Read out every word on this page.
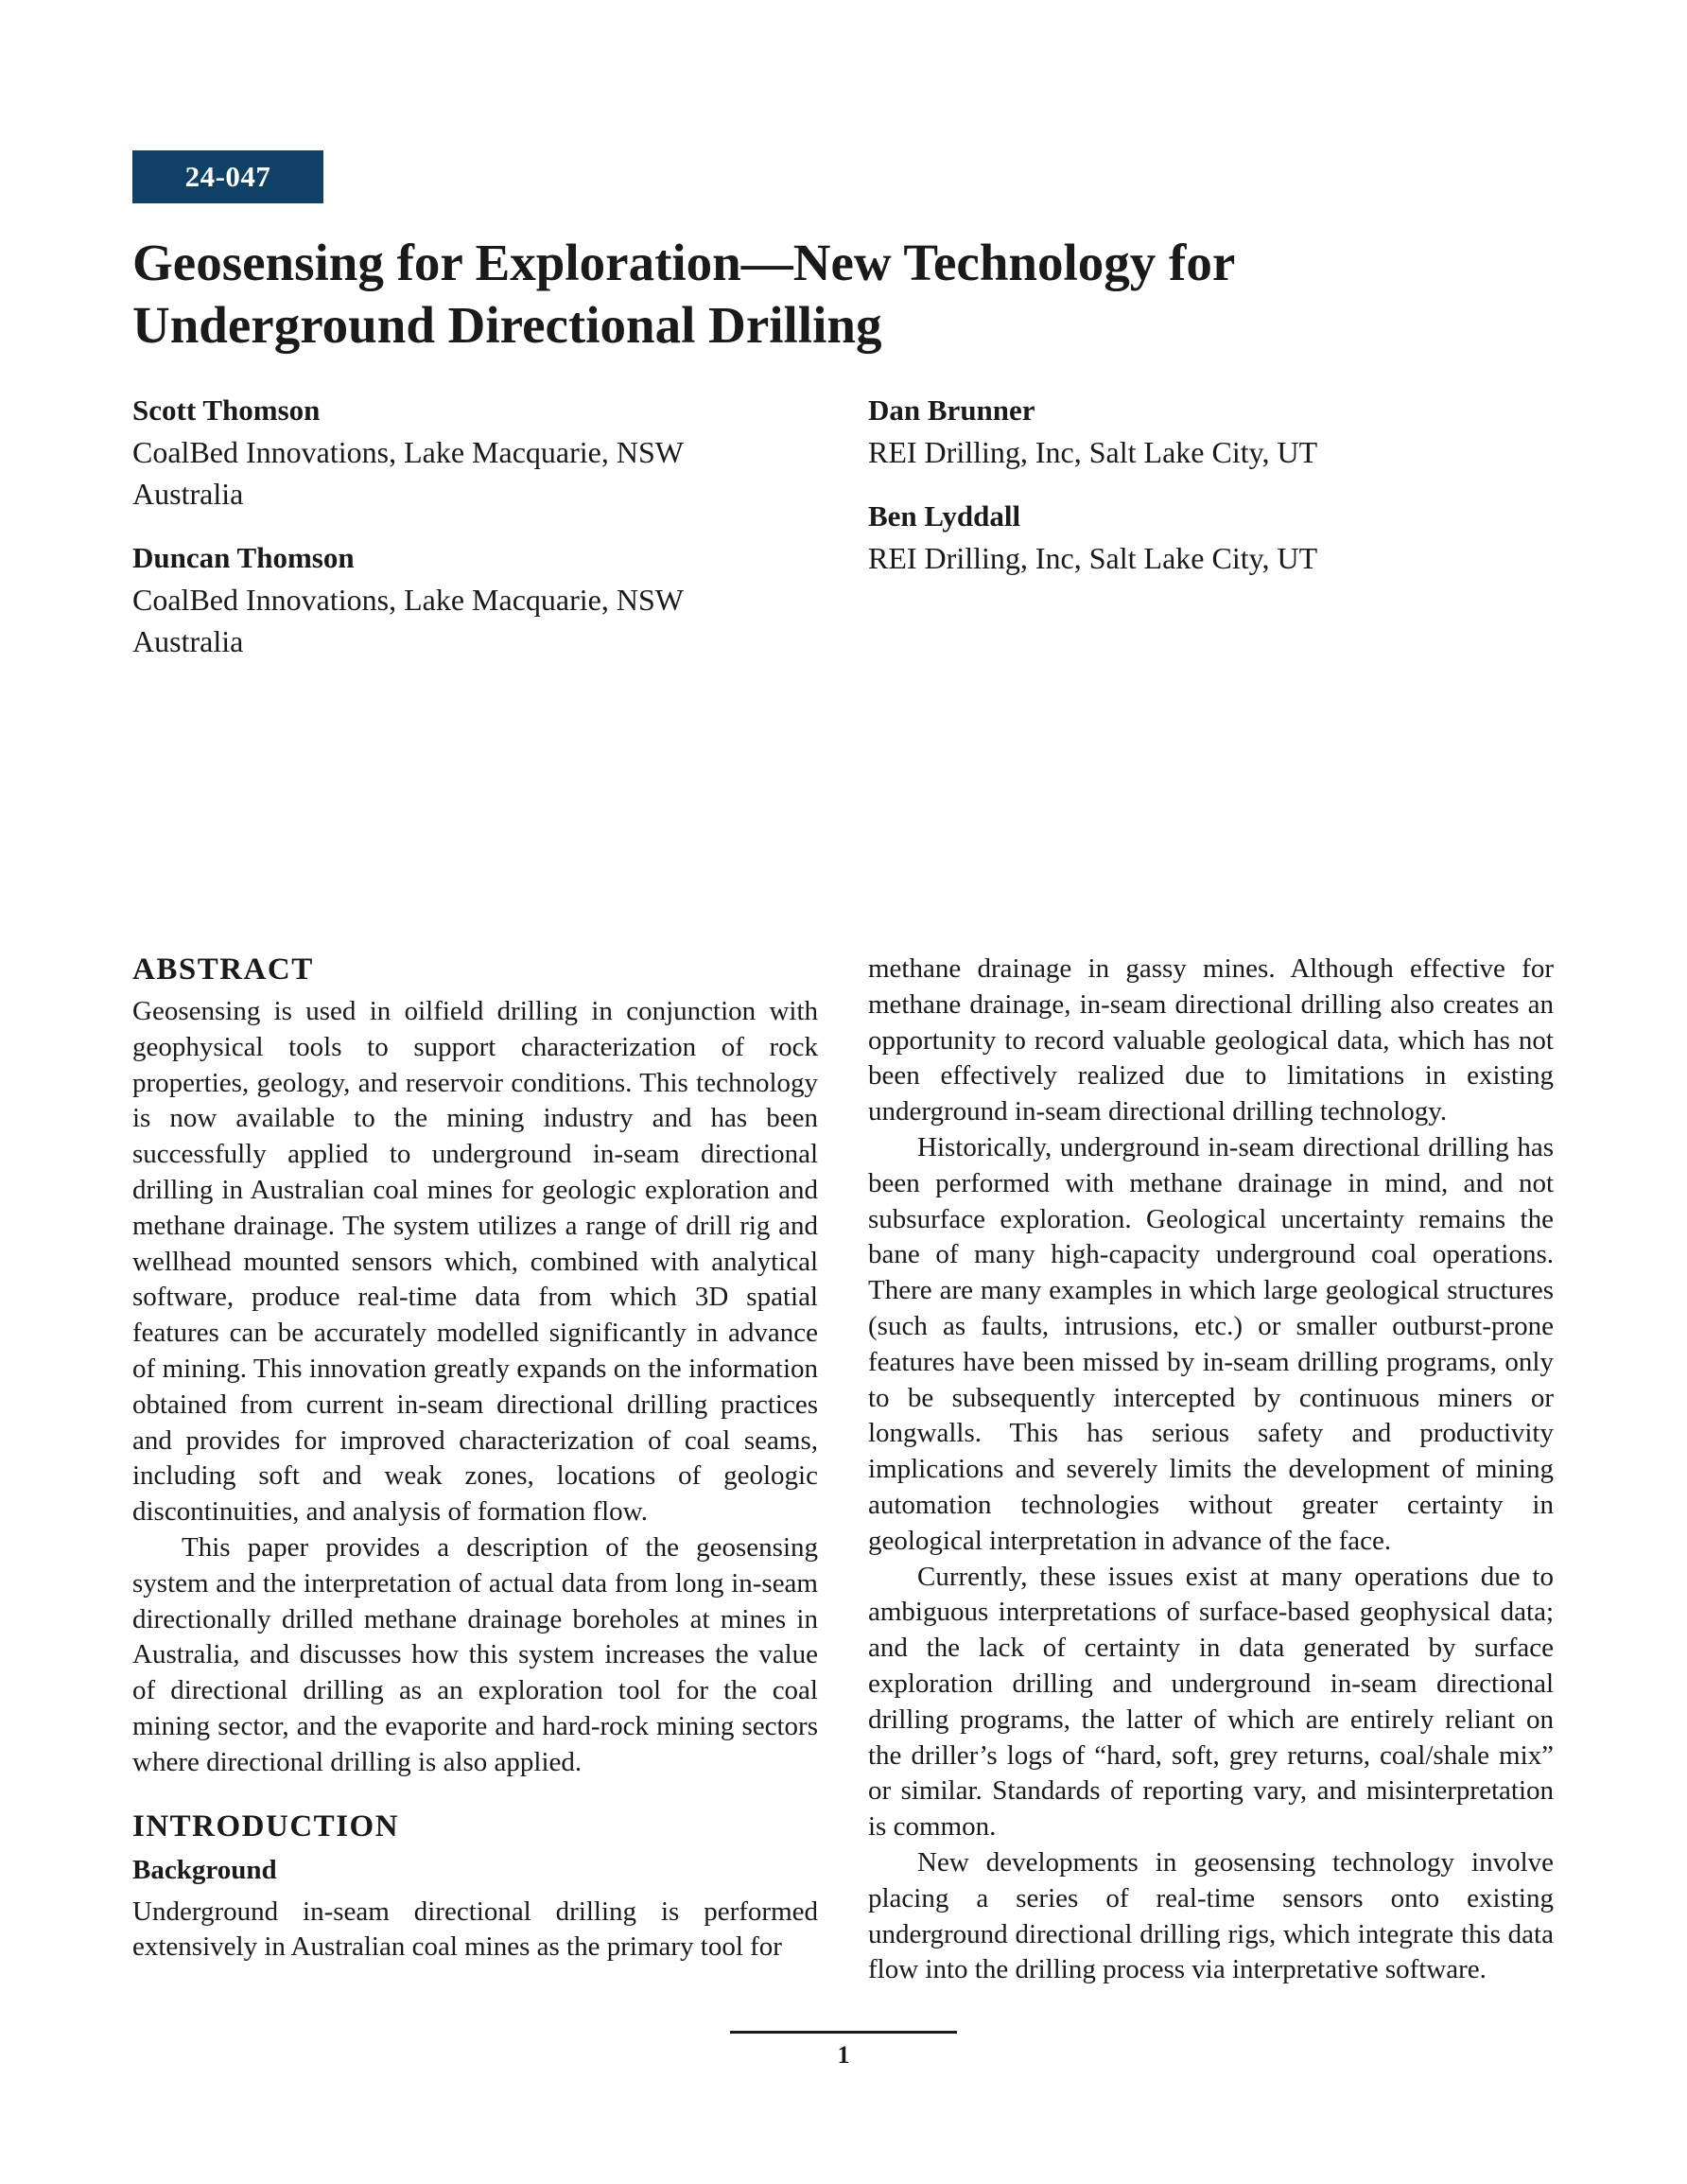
24-047
Geosensing for Exploration—New Technology for Underground Directional Drilling
Scott Thomson
CoalBed Innovations, Lake Macquarie, NSW Australia
Duncan Thomson
CoalBed Innovations, Lake Macquarie, NSW Australia
Dan Brunner
REI Drilling, Inc, Salt Lake City, UT
Ben Lyddall
REI Drilling, Inc, Salt Lake City, UT
ABSTRACT

Geosensing is used in oilfield drilling in conjunction with geophysical tools to support characterization of rock properties, geology, and reservoir conditions. This technology is now available to the mining industry and has been successfully applied to underground in-seam directional drilling in Australian coal mines for geologic exploration and methane drainage. The system utilizes a range of drill rig and wellhead mounted sensors which, combined with analytical software, produce real-time data from which 3D spatial features can be accurately modelled significantly in advance of mining. This innovation greatly expands on the information obtained from current in-seam directional drilling practices and provides for improved characterization of coal seams, including soft and weak zones, locations of geologic discontinuities, and analysis of formation flow.

This paper provides a description of the geosensing system and the interpretation of actual data from long in-seam directionally drilled methane drainage boreholes at mines in Australia, and discusses how this system increases the value of directional drilling as an exploration tool for the coal mining sector, and the evaporite and hard-rock mining sectors where directional drilling is also applied.

INTRODUCTION
Background

Underground in-seam directional drilling is performed extensively in Australian coal mines as the primary tool for

methane drainage in gassy mines. Although effective for methane drainage, in-seam directional drilling also creates an opportunity to record valuable geological data, which has not been effectively realized due to limitations in existing underground in-seam directional drilling technology.

Historically, underground in-seam directional drilling has been performed with methane drainage in mind, and not subsurface exploration. Geological uncertainty remains the bane of many high-capacity underground coal operations. There are many examples in which large geological structures (such as faults, intrusions, etc.) or smaller outburst-prone features have been missed by in-seam drilling programs, only to be subsequently intercepted by continuous miners or longwalls. This has serious safety and productivity implications and severely limits the development of mining automation technologies without greater certainty in geological interpretation in advance of the face.

Currently, these issues exist at many operations due to ambiguous interpretations of surface-based geophysical data; and the lack of certainty in data generated by surface exploration drilling and underground in-seam directional drilling programs, the latter of which are entirely reliant on the driller’s logs of “hard, soft, grey returns, coal/shale mix” or similar. Standards of reporting vary, and misinterpretation is common.

New developments in geosensing technology involve placing a series of real-time sensors onto existing underground directional drilling rigs, which integrate this data flow into the drilling process via interpretative software.

1
